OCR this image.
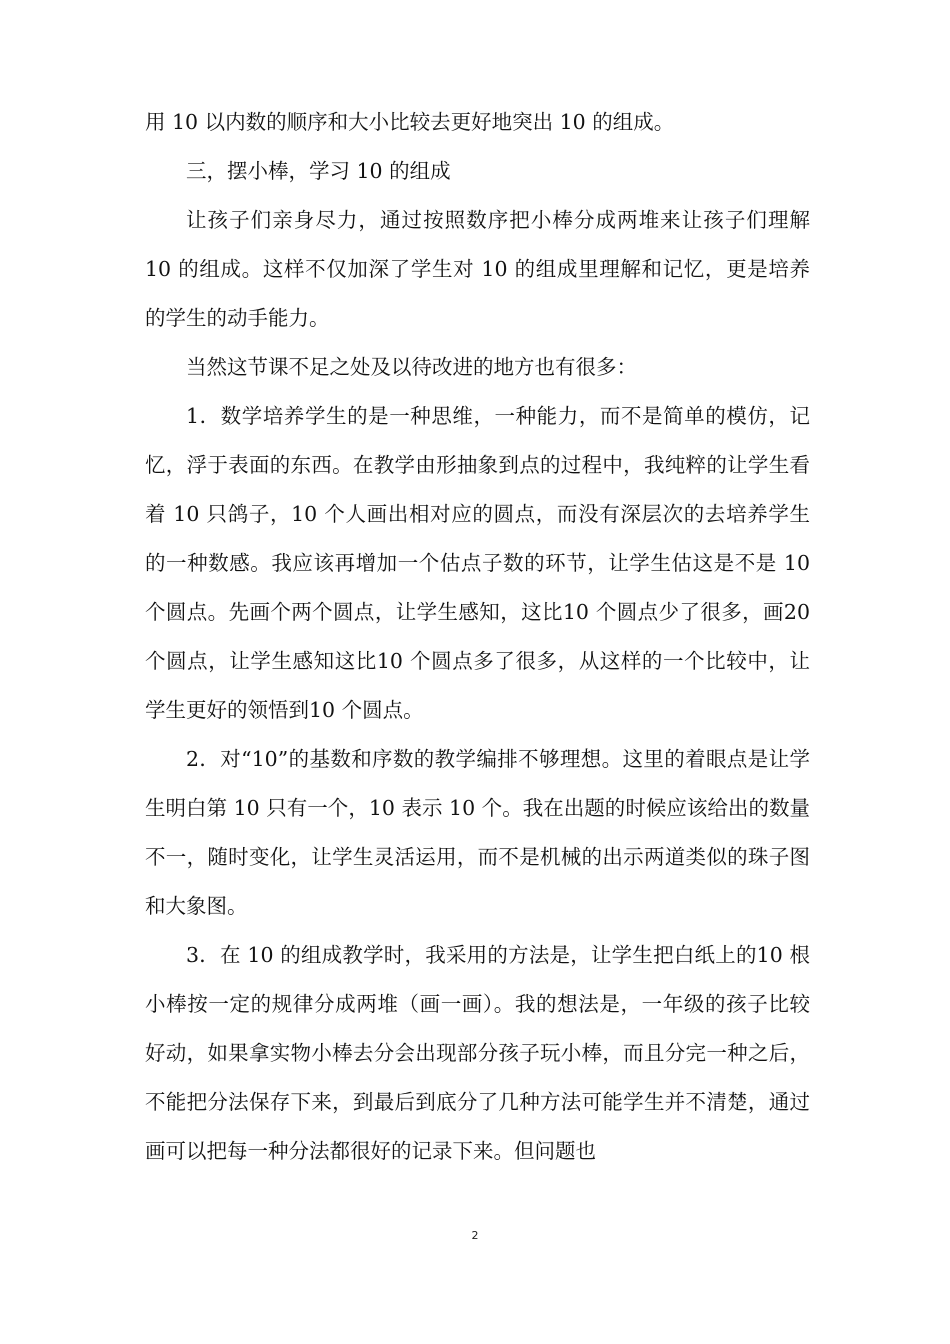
用 10 以内数的顺序和大小比较去更好地突出 10 的组成。

三，摆小棒，学习 10 的组成

让孩子们亲身尽力，通过按照数序把小棒分成两堆来让孩子们理解 10 的组成。这样不仅加深了学生对 10 的组成里理解和记忆，更是培养的学生的动手能力。

当然这节课不足之处及以待改进的地方也有很多：

1．数学培养学生的是一种思维，一种能力，而不是简单的模仿，记忆，浮于表面的东西。在教学由形抽象到点的过程中，我纯粹的让学生看着 10 只鸽子，10 个人画出相对应的圆点，而没有深层次的去培养学生的一种数感。我应该再增加一个估点子数的环节，让学生估这是不是 10 个圆点。先画个两个圆点，让学生感知，这比10 个圆点少了很多，画20 个圆点，让学生感知这比10 个圆点多了很多，从这样的一个比较中，让学生更好的领悟到10 个圆点。

2．对“10”的基数和序数的教学编排不够理想。这里的着眼点是让学生明白第 10 只有一个，10 表示 10 个。我在出题的时候应该给出的数量不一，随时变化，让学生灵活运用，而不是机械的出示两道类似的珠子图和大象图。

3．在 10 的组成教学时，我采用的方法是，让学生把白纸上的10 根小棒按一定的规律分成两堆（画一画）。我的想法是，一年级的孩子比较好动，如果拿实物小棒去分会出现部分孩子玩小棒，而且分完一种之后，不能把分法保存下来，到最后到底分了几种方法可能学生并不清楚，通过画可以把每一种分法都很好的记录下来。但问题也

2
